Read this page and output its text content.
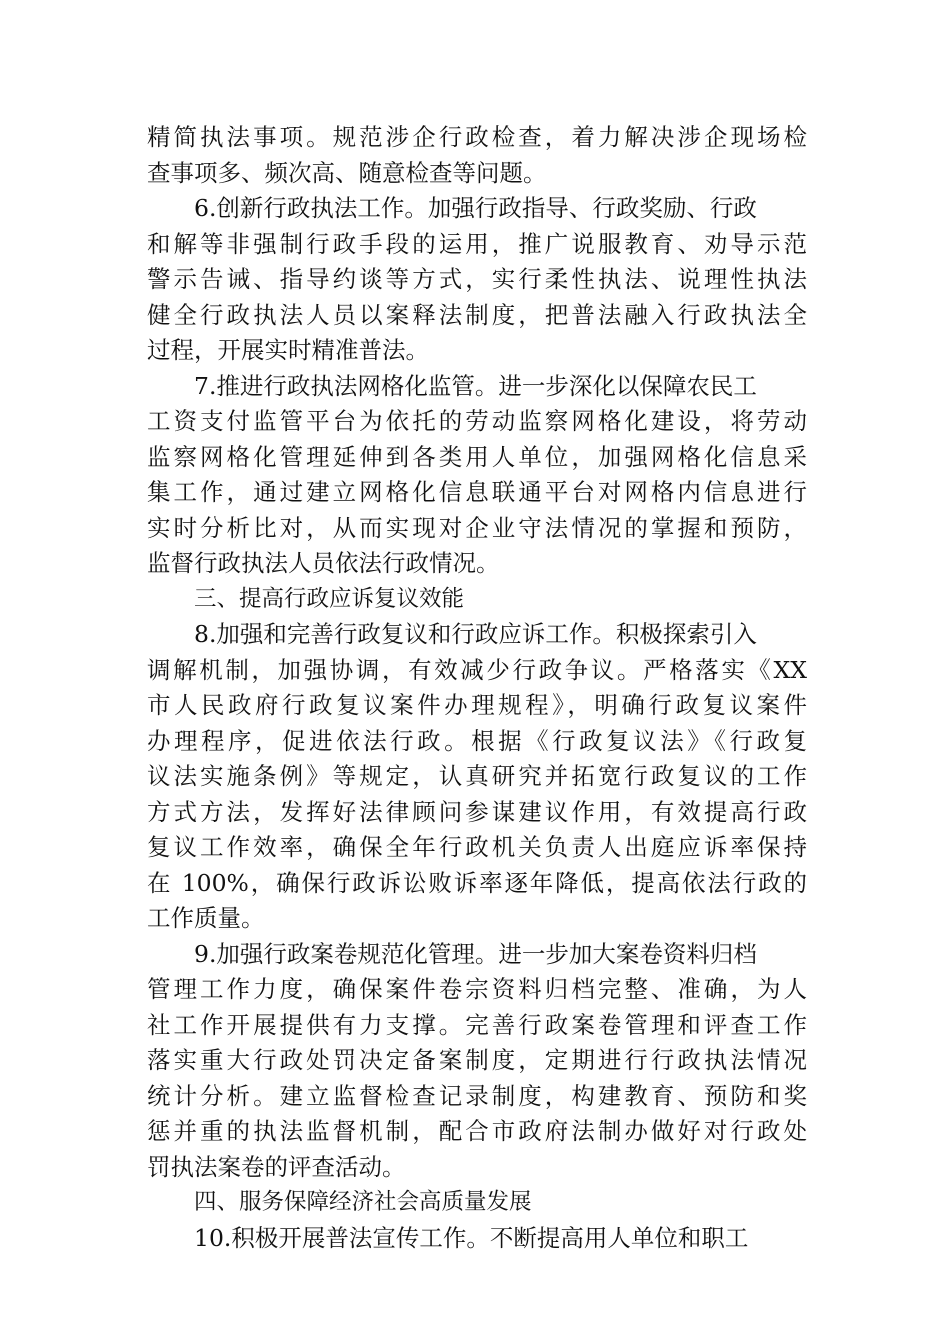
精简执法事项。规范涉企行政检查，着力解决涉企现场检
查事项多、频次高、随意检查等问题。
6.创新行政执法工作。加强行政指导、行政奖励、行政
和解等非强制行政手段的运用，推广说服教育、劝导示范
警示告诫、指导约谈等方式，实行柔性执法、说理性执法
健全行政执法人员以案释法制度，把普法融入行政执法全
过程，开展实时精准普法。
7.推进行政执法网格化监管。进一步深化以保障农民工
工资支付监管平台为依托的劳动监察网格化建设，将劳动
监察网格化管理延伸到各类用人单位，加强网格化信息采
集工作，通过建立网格化信息联通平台对网格内信息进行
实时分析比对，从而实现对企业守法情况的掌握和预防，
监督行政执法人员依法行政情况。
三、提高行政应诉复议效能
8.加强和完善行政复议和行政应诉工作。积极探索引入
调解机制，加强协调，有效减少行政争议。严格落实《XX
市人民政府行政复议案件办理规程》，明确行政复议案件
办理程序，促进依法行政。根据《行政复议法》《行政复
议法实施条例》等规定，认真研究并拓宽行政复议的工作
方式方法，发挥好法律顾问参谋建议作用，有效提高行政
复议工作效率，确保全年行政机关负责人出庭应诉率保持
在 100%，确保行政诉讼败诉率逐年降低，提高依法行政的
工作质量。
9.加强行政案卷规范化管理。进一步加大案卷资料归档
管理工作力度，确保案件卷宗资料归档完整、准确，为人
社工作开展提供有力支撑。完善行政案卷管理和评查工作
落实重大行政处罚决定备案制度，定期进行行政执法情况
统计分析。建立监督检查记录制度，构建教育、预防和奖
惩并重的执法监督机制，配合市政府法制办做好对行政处
罚执法案卷的评查活动。
四、服务保障经济社会高质量发展
10.积极开展普法宣传工作。不断提高用人单位和职工
